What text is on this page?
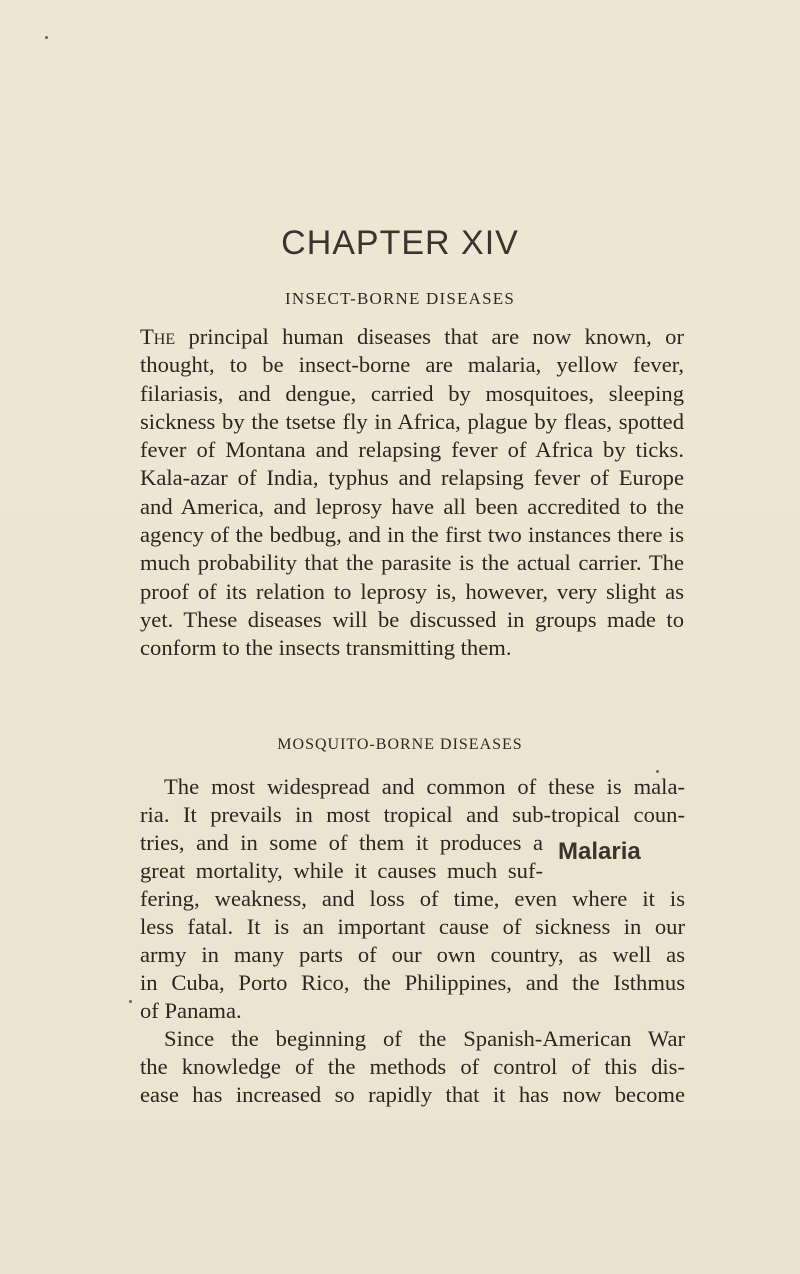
CHAPTER XIV
INSECT-BORNE DISEASES

The principal human diseases that are now known, or thought, to be insect-borne are malaria, yellow fever, filariasis, and dengue, carried by mosquitoes, sleeping sickness by the tsetse fly in Africa, plague by fleas, spotted fever of Montana and relapsing fever of Africa by ticks. Kala-azar of India, typhus and relapsing fever of Europe and America, and leprosy have all been accredited to the agency of the bedbug, and in the first two instances there is much probability that the parasite is the actual carrier. The proof of its relation to leprosy is, however, very slight as yet. These diseases will be discussed in groups made to conform to the insects transmitting them.

MOSQUITO-BORNE DISEASES
The most widespread and common of these is mala-
ria. It prevails in most tropical and sub-tropical coun-
tries, and in some of them it produces a
great mortality, while it causes much suf-
fering, weakness, and loss of time, even where it is
less fatal. It is an important cause of sickness in our
army in many parts of our own country, as well as
in Cuba, Porto Rico, the Philippines, and the Isthmus
of Panama.
Since the beginning of the Spanish-American War
the knowledge of the methods of control of this dis-
ease has increased so rapidly that it has now become
Malaria
